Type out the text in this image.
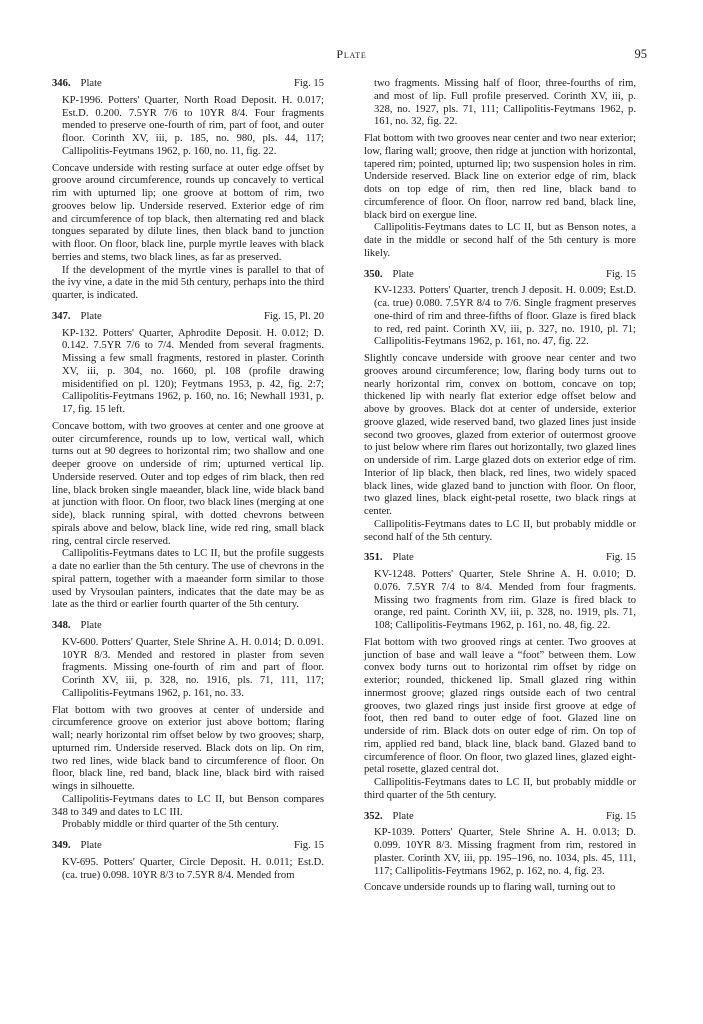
Plate	95
346. Plate	Fig. 15

KP-1996. Potters' Quarter, North Road Deposit. H. 0.017; Est.D. 0.200. 7.5YR 7/6 to 10YR 8/4. Four fragments mended to preserve one-fourth of rim, part of foot, and outer floor. Corinth XV, iii, p. 185, no. 980, pls. 44, 117; Callipolitis-Feytmans 1962, p. 160, no. 11, fig. 22.

Concave underside with resting surface at outer edge offset by groove around circumference, rounds up concavely to vertical rim with upturned lip; one groove at bottom of rim, two grooves below lip. Underside reserved. Exterior edge of rim and circumference of top black, then alternating red and black tongues separated by dilute lines, then black band to junction with floor. On floor, black line, purple myrtle leaves with black berries and stems, two black lines, as far as preserved.

If the development of the myrtle vines is parallel to that of the ivy vine, a date in the mid 5th century, perhaps into the third quarter, is indicated.

347. Plate	Fig. 15, Pl. 20

KP-132. Potters' Quarter, Aphrodite Deposit. H. 0.012; D. 0.142. 7.5YR 7/6 to 7/4. Mended from several fragments. Missing a few small fragments, restored in plaster. Corinth XV, iii, p. 304, no. 1660, pl. 108 (profile drawing misidentified on pl. 120); Feytmans 1953, p. 42, fig. 2:7; Callipolitis-Feytmans 1962, p. 160, no. 16; Newhall 1931, p. 17, fig. 15 left.

Concave bottom, with two grooves at center and one groove at outer circumference, rounds up to low, vertical wall, which turns out at 90 degrees to horizontal rim; two shallow and one deeper groove on underside of rim; upturned vertical lip. Underside reserved. Outer and top edges of rim black, then red line, black broken single maeander, black line, wide black band at junction with floor. On floor, two black lines (merging at one side), black running spiral, with dotted chevrons between spirals above and below, black line, wide red ring, small black ring, central circle reserved.

Callipolitis-Feytmans dates to LC II, but the profile suggests a date no earlier than the 5th century. The use of chevrons in the spiral pattern, together with a maeander form similar to those used by Vrysoulan painters, indicates that the date may be as late as the third or earlier fourth quarter of the 5th century.

348. Plate

KV-600. Potters' Quarter, Stele Shrine A. H. 0.014; D. 0.091. 10YR 8/3. Mended and restored in plaster from seven fragments. Missing one-fourth of rim and part of floor. Corinth XV, iii, p. 328, no. 1916, pls. 71, 111, 117; Callipolitis-Feytmans 1962, p. 161, no. 33.

Flat bottom with two grooves at center of underside and circumference groove on exterior just above bottom; flaring wall; nearly horizontal rim offset below by two grooves; sharp, upturned rim. Underside reserved. Black dots on lip. On rim, two red lines, wide black band to circumference of floor. On floor, black line, red band, black line, black bird with raised wings in silhouette.

Callipolitis-Feytmans dates to LC II, but Benson compares 348 to 349 and dates to LC III.

Probably middle or third quarter of the 5th century.

349. Plate	Fig. 15

KV-695. Potters' Quarter, Circle Deposit. H. 0.011; Est.D. (ca. true) 0.098. 10YR 8/3 to 7.5YR 8/4. Mended from

two fragments. Missing half of floor, three-fourths of rim, and most of lip. Full profile preserved. Corinth XV, iii, p. 328, no. 1927, pls. 71, 111; Callipolitis-Feytmans 1962, p. 161, no. 32, fig. 22.

Flat bottom with two grooves near center and two near exterior; low, flaring wall; groove, then ridge at junction with horizontal, tapered rim; pointed, upturned lip; two suspension holes in rim. Underside reserved. Black line on exterior edge of rim, black dots on top edge of rim, then red line, black band to circumference of floor. On floor, narrow red band, black line, black bird on exergue line.

Callipolitis-Feytmans dates to LC II, but as Benson notes, a date in the middle or second half of the 5th century is more likely.

350. Plate	Fig. 15

KV-1233. Potters' Quarter, trench J deposit. H. 0.009; Est.D. (ca. true) 0.080. 7.5YR 8/4 to 7/6. Single fragment preserves one-third of rim and three-fifths of floor. Glaze is fired black to red, red paint. Corinth XV, iii, p. 327, no. 1910, pl. 71; Callipolitis-Feytmans 1962, p. 161, no. 47, fig. 22.

Slightly concave underside with groove near center and two grooves around circumference; low, flaring body turns out to nearly horizontal rim, convex on bottom, concave on top; thickened lip with nearly flat exterior edge offset below and above by grooves. Black dot at center of underside, exterior groove glazed, wide reserved band, two glazed lines just inside second two grooves, glazed from exterior of outermost groove to just below where rim flares out horizontally, two glazed lines on underside of rim. Large glazed dots on exterior edge of rim. Interior of lip black, then black, red lines, two widely spaced black lines, wide glazed band to junction with floor. On floor, two glazed lines, black eight-petal rosette, two black rings at center.

Callipolitis-Feytmans dates to LC II, but probably middle or second half of the 5th century.

351. Plate	Fig. 15

KV-1248. Potters' Quarter, Stele Shrine A. H. 0.010; D. 0.076. 7.5YR 7/4 to 8/4. Mended from four fragments. Missing two fragments from rim. Glaze is fired black to orange, red paint. Corinth XV, iii, p. 328, no. 1919, pls. 71, 108; Callipolitis-Feytmans 1962, p. 161, no. 48, fig. 22.

Flat bottom with two grooved rings at center. Two grooves at junction of base and wall leave a “foot” between them. Low convex body turns out to horizontal rim offset by ridge on exterior; rounded, thickened lip. Small glazed ring within innermost groove; glazed rings outside each of two central grooves, two glazed rings just inside first groove at edge of foot, then red band to outer edge of foot. Glazed line on underside of rim. Black dots on outer edge of rim. On top of rim, applied red band, black line, black band. Glazed band to circumference of floor. On floor, two glazed lines, glazed eight-petal rosette, glazed central dot.

Callipolitis-Feytmans dates to LC II, but probably middle or third quarter of the 5th century.

352. Plate	Fig. 15

KP-1039. Potters' Quarter, Stele Shrine A. H. 0.013; D. 0.099. 10YR 8/3. Missing fragment from rim, restored in plaster. Corinth XV, iii, pp. 195–196, no. 1034, pls. 45, 111, 117; Callipolitis-Feytmans 1962, p. 162, no. 4, fig. 23.

Concave underside rounds up to flaring wall, turning out to
